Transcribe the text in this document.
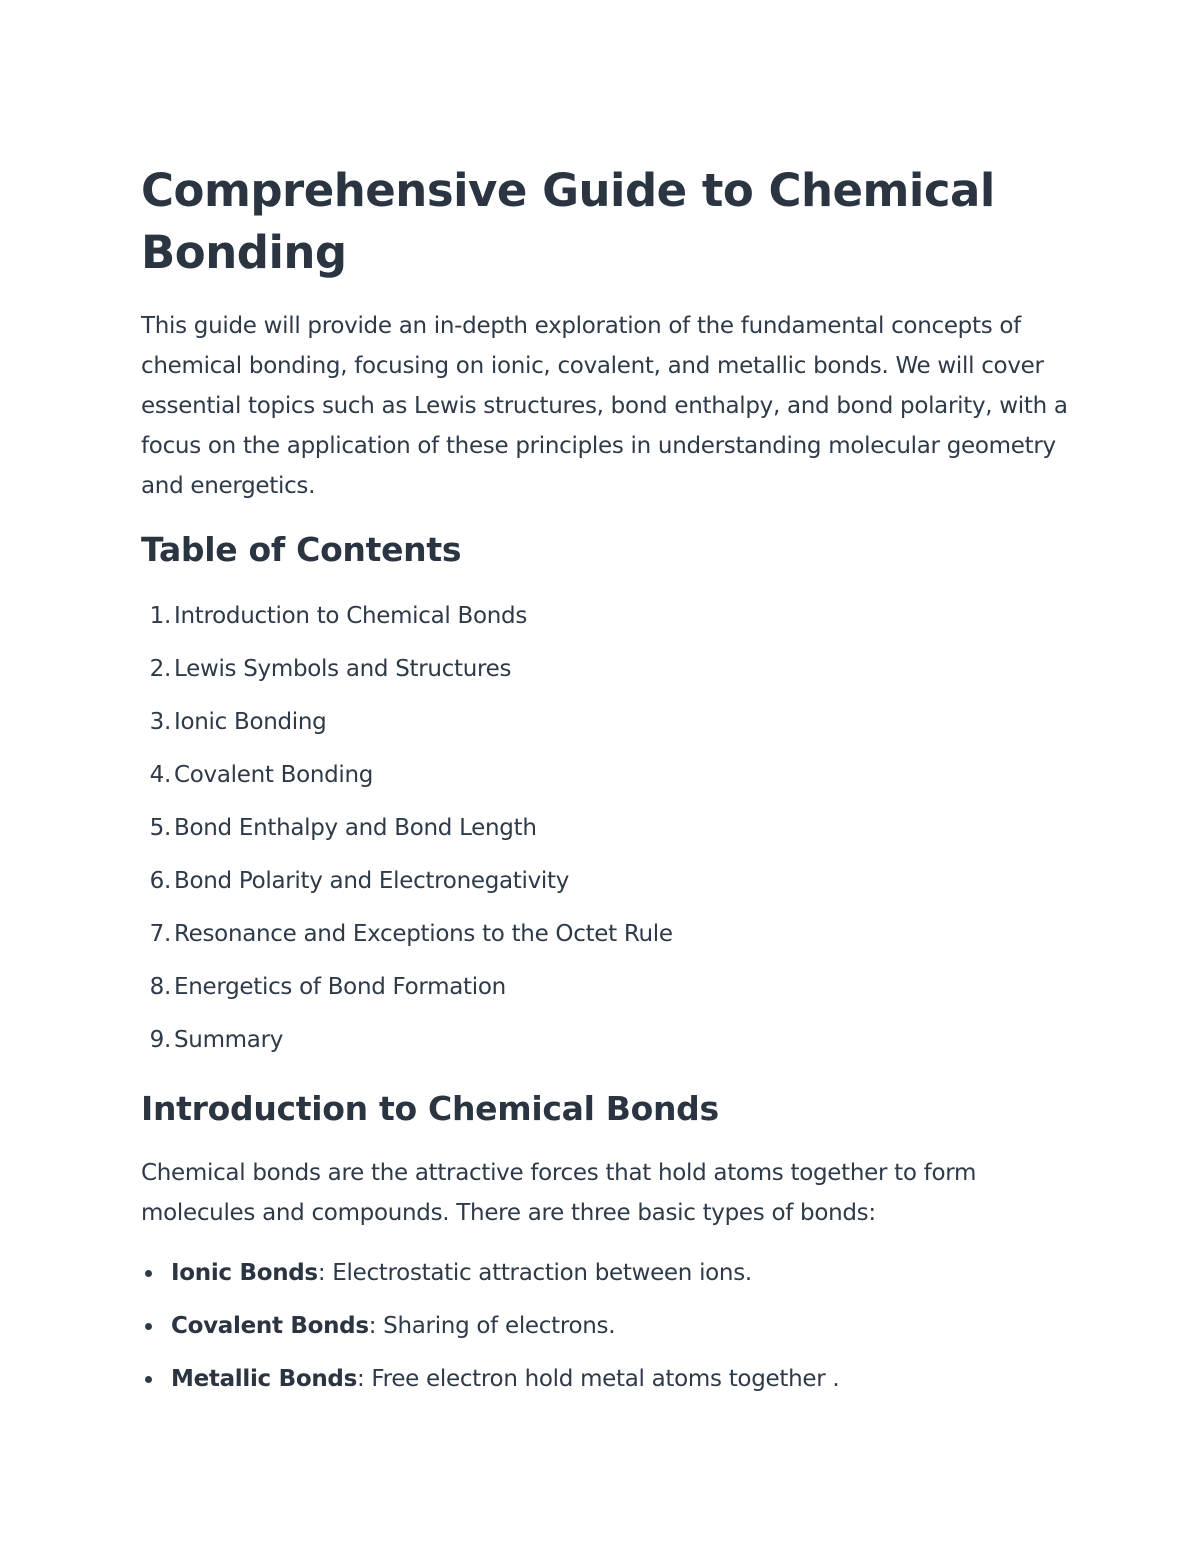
Comprehensive Guide to Chemical Bonding

This guide will provide an in-depth exploration of the fundamental concepts of chemical bonding, focusing on ionic, covalent, and metallic bonds. We will cover essential topics such as Lewis structures, bond enthalpy, and bond polarity, with a focus on the application of these principles in understanding molecular geometry and energetics.

Table of Contents
1 . Introduction to Chemical Bonds
2 . Lewis Symbols and Structures
3 . Ionic Bonding
4 . Covalent Bonding
5 . Bond Enthalpy and Bond Length
6 . Bond Polarity and Electronegativity
7 . Resonance and Exceptions to the Octet Rule
8 . Energetics of Bond Formation
9 . Summary
Introduction to Chemical Bonds

Chemical bonds are the attractive forces that hold atoms together to form molecules and compounds. There are three basic types of bonds:

Ionic Bonds: Electrostatic attraction between ions.
Covalent Bonds: Sharing of electrons.
Metallic Bonds: Free electron hold metal atoms together .
